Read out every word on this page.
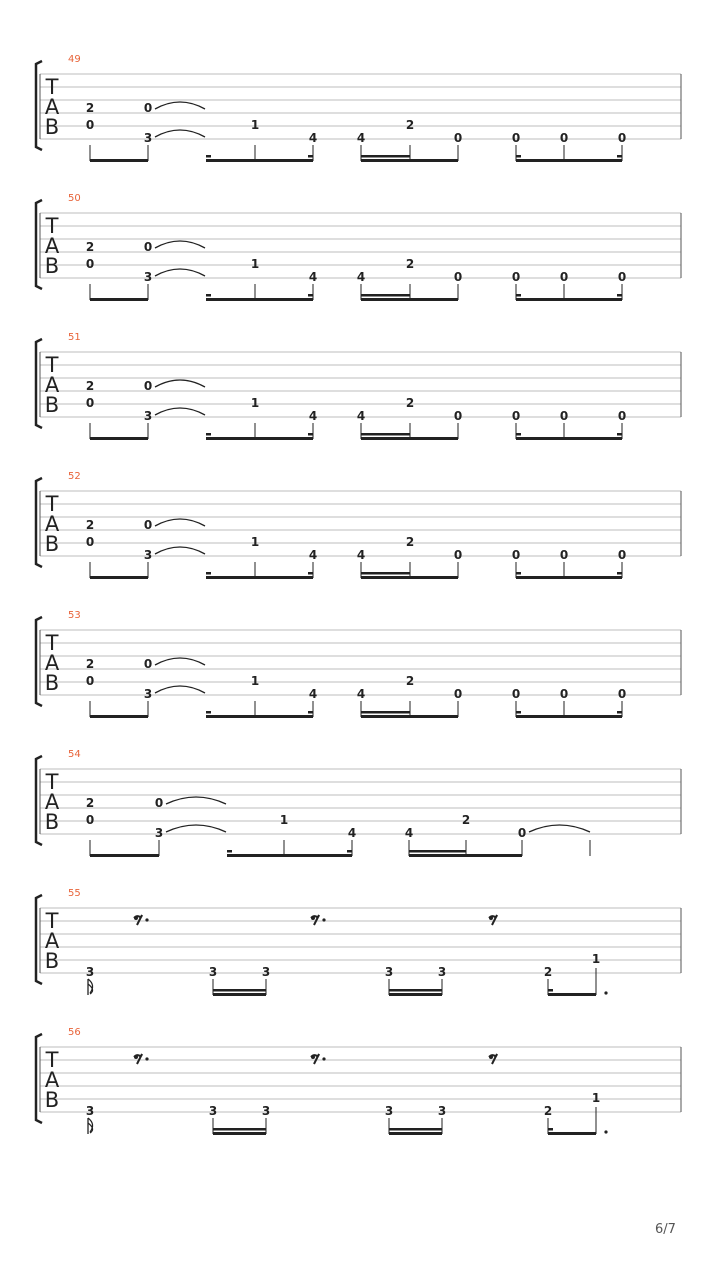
49
T
A
B
2
0
0
3
1
4	4
2
0	0	0	0
50
T
A
B
2
0
0
3
1
4	4
2
0	0	0	0
51
T
A
B
2
0
0
3
1
4	4
2
0	0	0	0
52
T
A
B
2
0
0
3
1
4	4
2
0	0	0	0
53
T
A
B
2
0
0
3
1
4	4
2
0	0	0	0
54
T
A
B
2
0
0
3
1
4	4
2
0
55
T
A
B 3	3	3	3	3	2
1
56
T
A
B 3	3	3	3	3	2
1
6/7
